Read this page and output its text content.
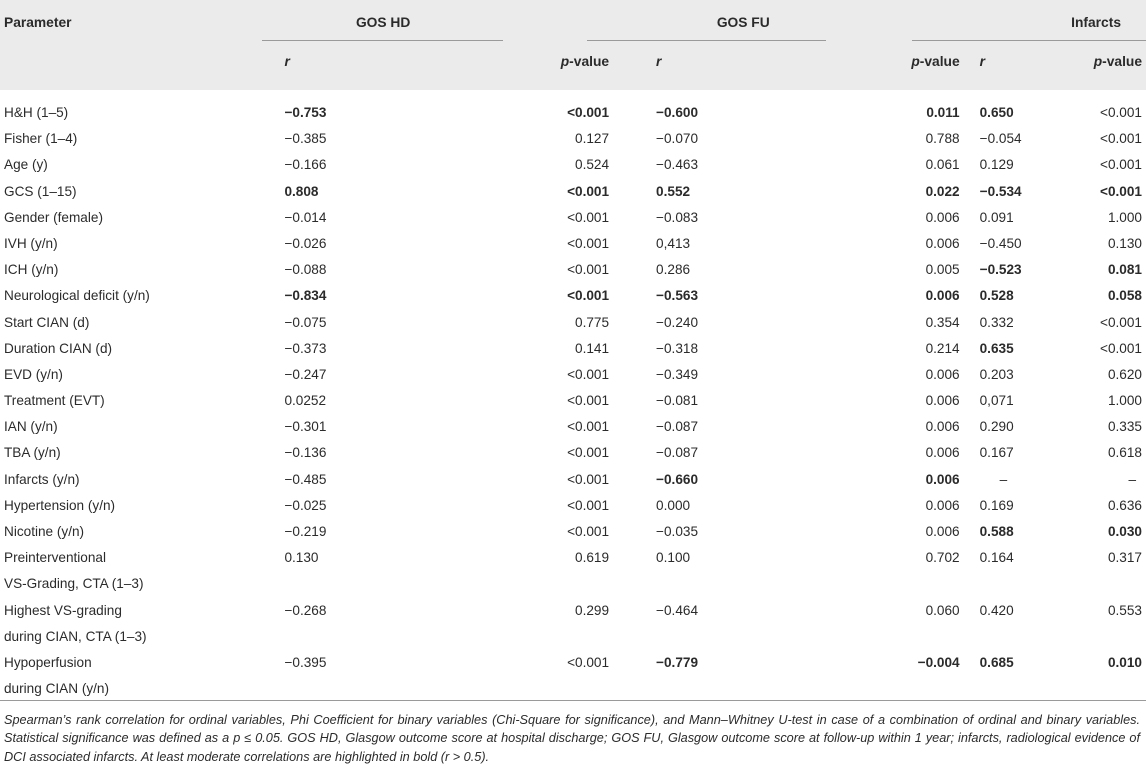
Parameter	GOS HD			GOS FU			Infarcts
	r		p-value	r		p-value	r p-value

H&H (1–5)	−0.753		<0.001	−0.600		0.011	0.650 <0.001

Fisher (1–4)	−0.385		0.127	−0.070		0.788	−0.054 <0.001

Age (y)	−0.166		0.524	−0.463		0.061	0.129 <0.001

GCS (1–15)	0.808		<0.001	0.552		0.022	−0.534 <0.001

Gender (female)	−0.014		<0.001	−0.083		0.006	0.091 1.000

IVH (y/n)	−0.026		<0.001	0,413		0.006	−0.450 0.130

ICH (y/n)	−0.088		<0.001	0.286		0.005	−0.523 0.081

Neurological deficit (y/n)	−0.834		<0.001	−0.563		0.006	0.528 0.058

Start CIAN (d)	−0.075		0.775	−0.240		0.354	0.332 <0.001

Duration CIAN (d)	−0.373		0.141	−0.318		0.214	0.635 <0.001

EVD (y/n)	−0.247		<0.001	−0.349		0.006	0.203 0.620

Treatment (EVT)	0.0252		<0.001	−0.081		0.006	0,071 1.000

IAN (y/n)	−0.301		<0.001	−0.087		0.006	0.290 0.335

TBA (y/n)	−0.136		<0.001	−0.087		0.006	0.167 0.618

Infarcts (y/n)	−0.485		<0.001	−0.660		0.006	– –

Hypertension (y/n)	−0.025		<0.001	0.000		0.006	0.169 0.636

Nicotine (y/n)	−0.219		<0.001	−0.035		0.006	0.588 0.030

Preinterventional
VS-Grading, CTA (1–3)	0.130		0.619	0.100		0.702	0.164 0.317

Highest VS-grading
during CIAN, CTA (1–3)	−0.268		0.299	−0.464		0.060	0.420 0.553

Hypoperfusion
during CIAN (y/n)	−0.395		<0.001	−0.779		−0.004	0.685 0.010
Spearman’s rank correlation for ordinal variables, Phi Coefficient for binary variables (Chi-Square for significance), and Mann–Whitney U-test in case of a combination of ordinal and binary variables. Statistical significance was defined as a p ≤ 0.05. GOS HD, Glasgow outcome score at hospital discharge; GOS FU, Glasgow outcome score at follow-up within 1 year; infarcts, radiological evidence of DCI associated infarcts. At least moderate correlations are highlighted in bold (r > 0.5).
